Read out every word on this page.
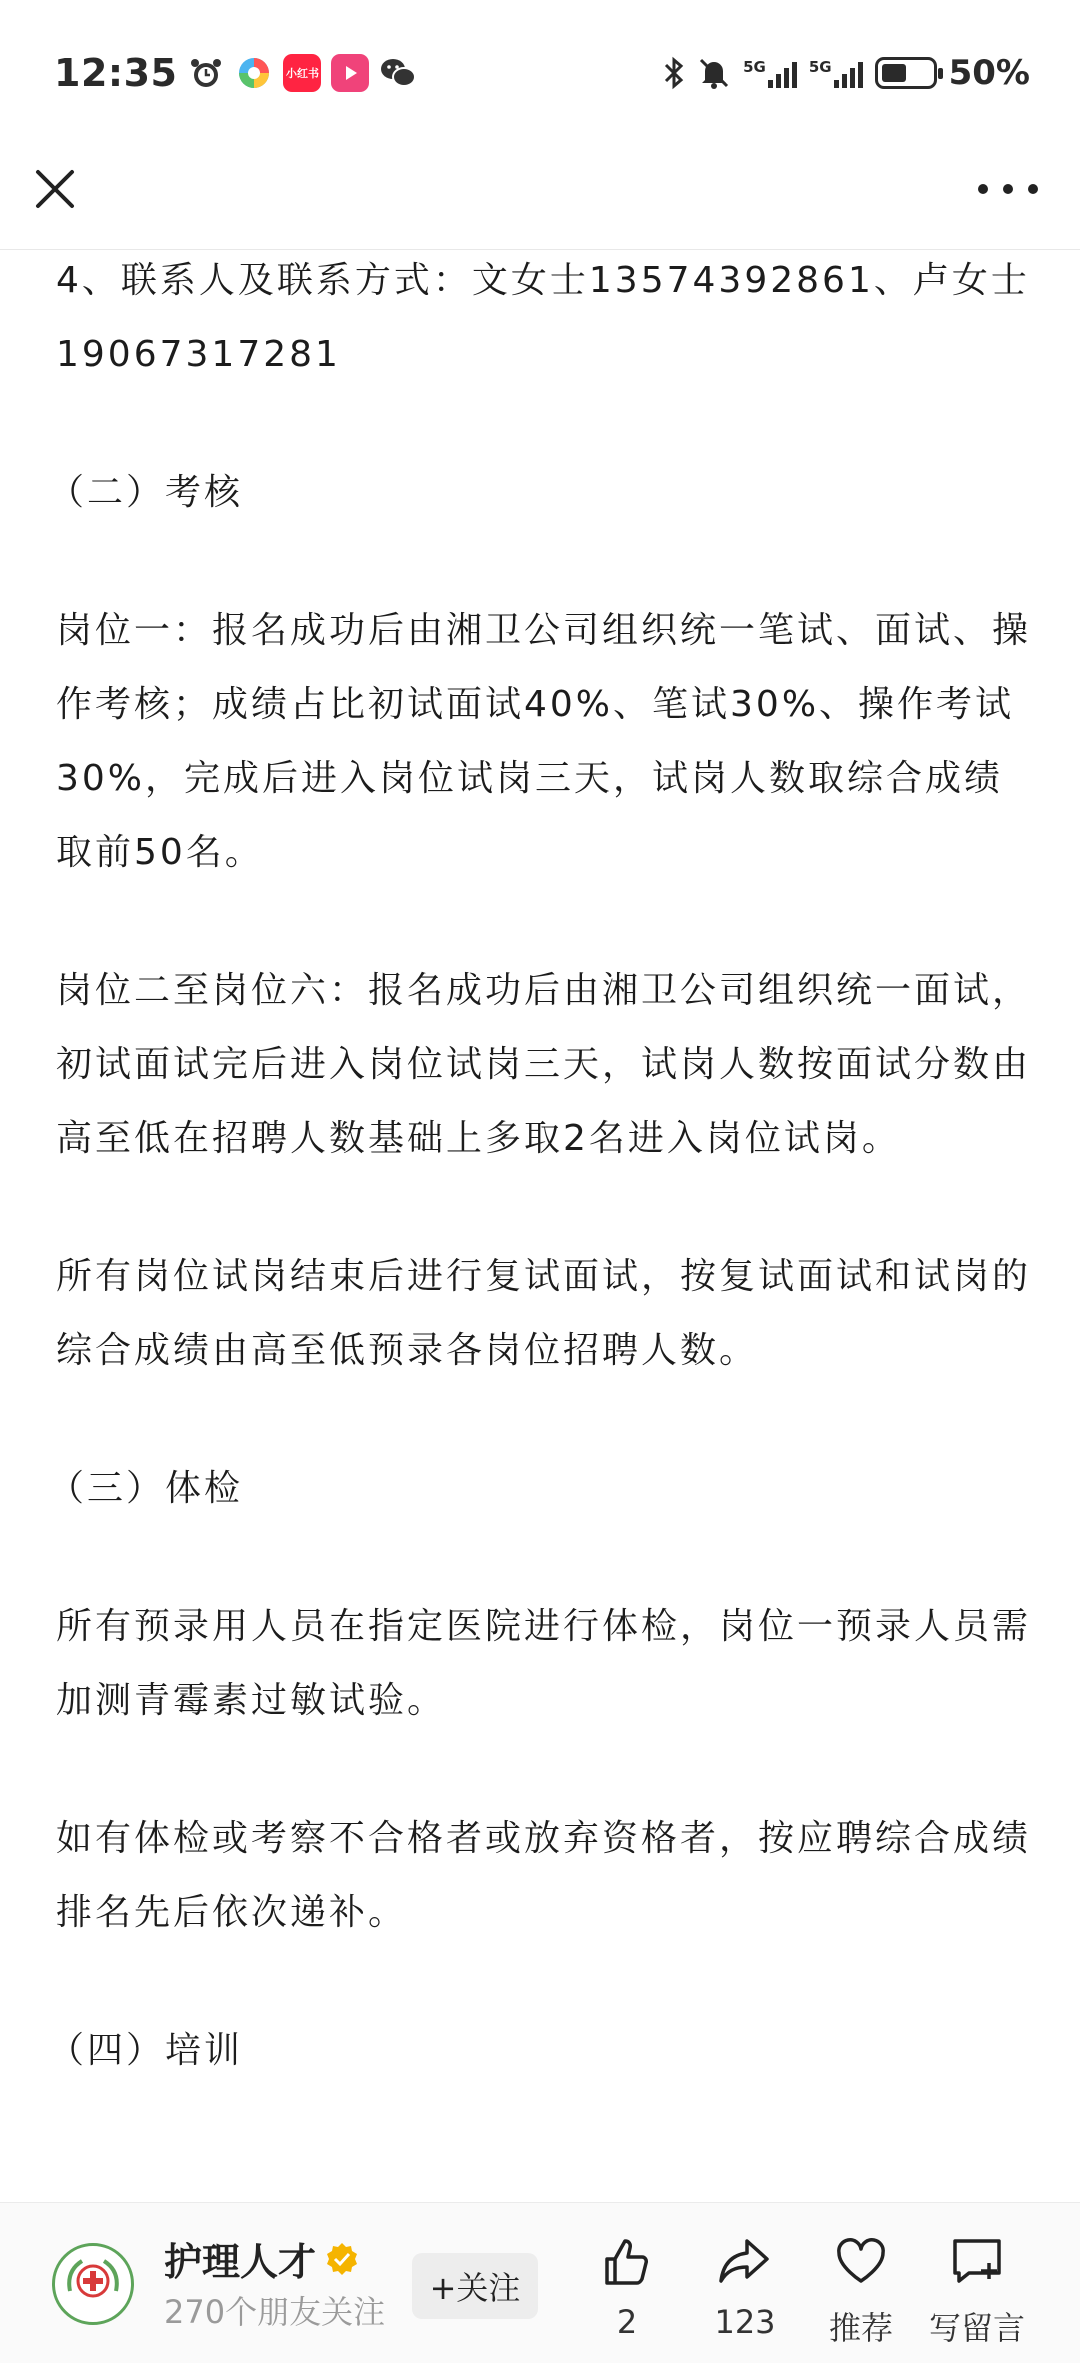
12:35	小红书	5G	5G	50%

4、联系人及联系方式：文女士13574392861、卢女士19067317281

（二）考核

岗位一：报名成功后由湘卫公司组织统一笔试、面试、操作考核；成绩占比初试面试40%、笔试30%、操作考试30%，完成后进入岗位试岗三天，试岗人数取综合成绩取前50名。

岗位二至岗位六：报名成功后由湘卫公司组织统一面试，初试面试完后进入岗位试岗三天，试岗人数按面试分数由高至低在招聘人数基础上多取2名进入岗位试岗。

所有岗位试岗结束后进行复试面试，按复试面试和试岗的综合成绩由高至低预录各岗位招聘人数。

（三）体检

所有预录用人员在指定医院进行体检，岗位一预录人员需加测青霉素过敏试验。

如有体检或考察不合格者或放弃资格者，按应聘综合成绩排名先后依次递补。

（四）培训

护理人才
270个朋友关注
+关注
2 123 推荐 写留言
